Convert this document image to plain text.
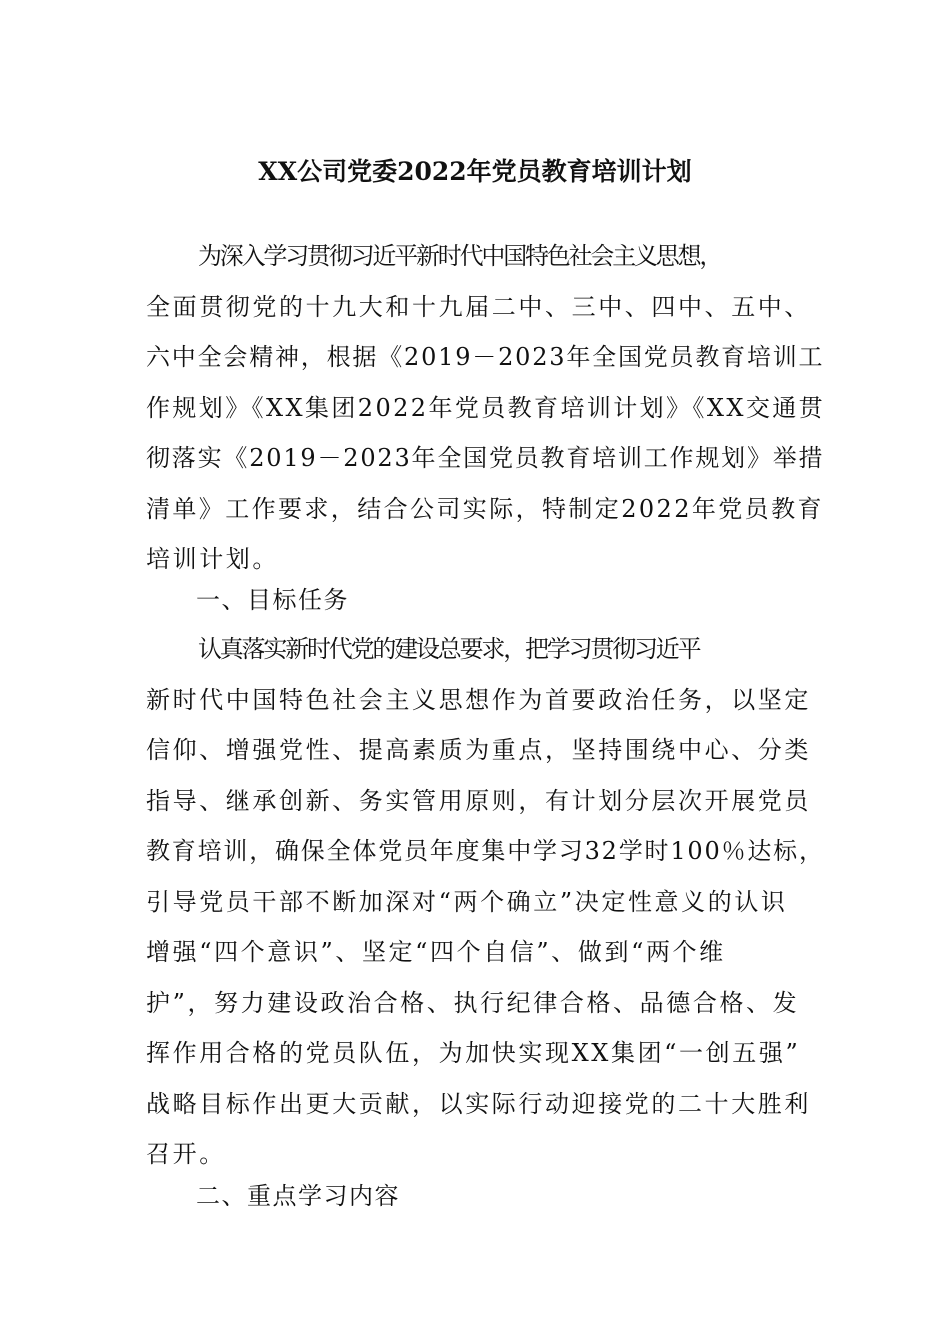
XX公司党委2022年党员教育培训计划
为深入学习贯彻习近平新时代中国特色社会主义思想，
全面贯彻党的十九大和十九届二中、三中、四中、五中、
六中全会精神，根据《2019－2023年全国党员教育培训工
作规划》《XX集团2022年党员教育培训计划》《XX交通贯
彻落实《2019－2023年全国党员教育培训工作规划》举措
清单》工作要求，结合公司实际，特制定2022年党员教育
培训计划。
一、目标任务
认真落实新时代党的建设总要求，把学习贯彻习近平
新时代中国特色社会主义思想作为首要政治任务，以坚定
信仰、增强党性、提高素质为重点，坚持围绕中心、分类
指导、继承创新、务实管用原则，有计划分层次开展党员
教育培训，确保全体党员年度集中学习32学时100％达标，
引导党员干部不断加深对“两个确立”决定性意义的认识
增强“四个意识”、坚定“四个自信”、做到“两个维
护”，努力建设政治合格、执行纪律合格、品德合格、发
挥作用合格的党员队伍，为加快实现XX集团“一创五强”
战略目标作出更大贡献，以实际行动迎接党的二十大胜利
召开。
二、重点学习内容
